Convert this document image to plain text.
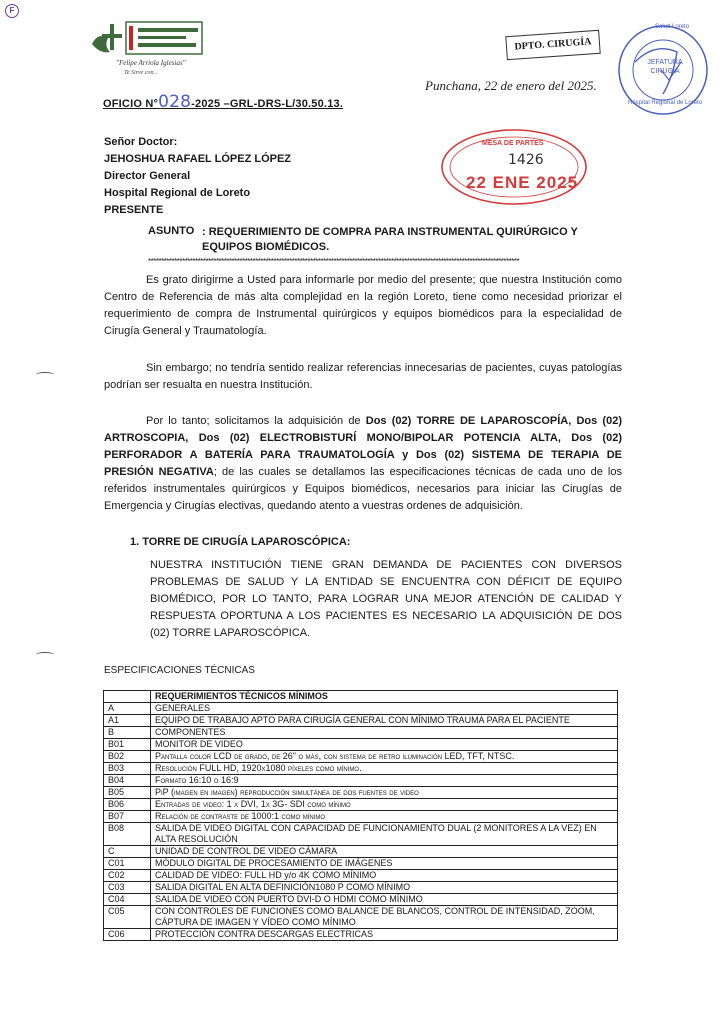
F
"Felipe Arriola Iglesias"
Te Sirve con...
DPTO. CIRUGÍA
JEFATURA CIRUGÍA
Salud Loreto
Hospital Regional de Loreto
Punchana, 22 de enero del 2025.
OFICIO N°028-2025 –GRL-DRS-L/30.50.13.
Señor Doctor:
JEHOSHUA RAFAEL LÓPEZ LÓPEZ
Director General
Hospital Regional de Loreto
PRESENTE
MESA DE PARTES
1426
22 ENE 2025
ASUNTO : REQUERIMIENTO DE COMPRA PARA INSTRUMENTAL QUIRÚRGICO Y EQUIPOS BIOMÉDICOS.
**********************************************************************************************************************************************
Es grato dirigirme a Usted para informarle por medio del presente; que nuestra Institución como Centro de Referencia de más alta complejidad en la región Loreto, tiene como necesidad priorizar el requerimiento de compra de Instrumental quirúrgicos y equipos biomédicos para la especialidad de Cirugía General y Traumatología.
Sin embargo; no tendría sentido realizar referencias innecesarias de pacientes, cuyas patologías podrían ser resualta en nuestra Institución.
Por lo tanto; solicitamos la adquisición de Dos (02) TORRE DE LAPAROSCOPÍA, Dos (02) ARTROSCOPIA, Dos (02) ELECTROBISTURÍ MONO/BIPOLAR POTENCIA ALTA, Dos (02) PERFORADOR A BATERÍA PARA TRAUMATOLOGÍA y Dos (02) SISTEMA DE TERAPIA DE PRESIÓN NEGATIVA; de las cuales se detallamos las especificaciones técnicas de cada uno de los referidos instrumentales quirúrgicos y Equipos biomédicos, necesarios para iniciar las Cirugías de Emergencia y Cirugías electivas, quedando atento a vuestras ordenes de adquisición.
1. TORRE DE CIRUGÍA LAPAROSCÓPICA:
NUESTRA INSTITUCIÓN TIENE GRAN DEMANDA DE PACIENTES CON DIVERSOS PROBLEMAS DE SALUD Y LA ENTIDAD SE ENCUENTRA CON DÉFICIT DE EQUIPO BIOMÉDICO, POR LO TANTO, PARA LOGRAR UNA MEJOR ATENCIÓN DE CALIDAD Y RESPUESTA OPORTUNA A LOS PACIENTES ES NECESARIO LA ADQUISICIÓN DE DOS (02) TORRE LAPAROSCÓPICA.
ESPECIFICACIONES TÉCNICAS
	REQUERIMIENTOS TÉCNICOS MÍNIMOS
A	GENERALES
A1	EQUIPO DE TRABAJO APTO PARA CIRUGÍA GENERAL CON MÍNIMO TRAUMA PARA EL PACIENTE
B	COMPONENTES
B01	MONITOR DE VIDEO
B02	Pantalla color LCD de grado, de 26" o más, con sistema de retro iluminación LED, TFT, NTSC.
B03	Resolución FULL HD, 1920x1080 píxeles como mínimo.
B04	Formato 16:10 o 16:9
B05	PiP (imagen en imagen) reproducción simultánea de dos fuentes de video
B06	Entradas de video: 1 x DVI, 1x 3G- SDI como mínimo
B07	Relación de contraste de 1000:1 como mínimo
B08	SALIDA DE VIDEO DIGITAL CON CAPACIDAD DE FUNCIONAMIENTO DUAL (2 MONITORES A LA VEZ) EN ALTA RESOLUCIÓN
C	UNIDAD DE CONTROL DE VIDEO CÁMARA
C01	MÓDULO DIGITAL DE PROCESAMIENTO DE IMÁGENES
C02	CALIDAD DE VIDEO: FULL HD y/o 4K COMO MÍNIMO
C03	SALIDA DIGITAL EN ALTA DEFINICIÓN1080 P COMO MÍNIMO
C04	SALIDA DE VIDEO CON PUERTO DVI-D O HDMI COMO MÍNIMO
C05	CON CONTROLES DE FUNCIONES COMO BALANCE DE BLANCOS, CONTROL DE INTENSIDAD, ZOOM, CÁPTURA DE IMAGEN Y VÍDEO COMO MÍNIMO
C06	PROTECCIÓN CONTRA DESCARGAS ELECTRICAS
